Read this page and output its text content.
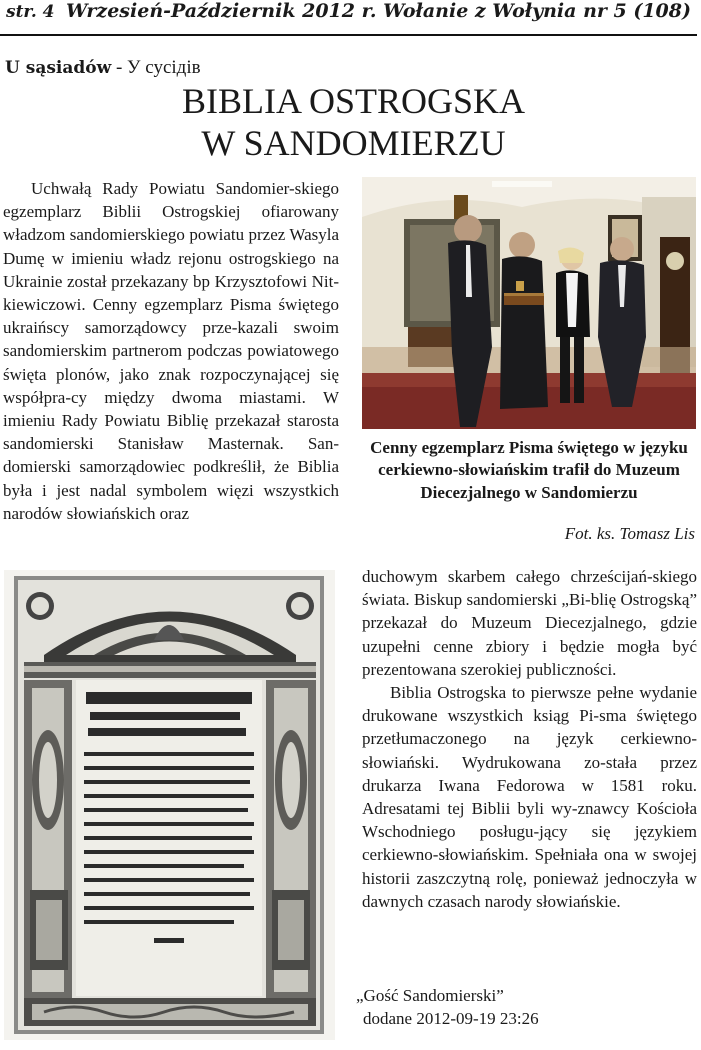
str. 4 Wrzesień-Październik 2012 r. Wołanie z Wołynia nr 5 (108)
U sąsiadów - У сусідів
BIBLIA OSTROGSKA
W SANDOMIERZU

Uchwałą Rady Powiatu Sandomier-skiego egzemplarz Biblii Ostrogskiej ofiarowany władzom sandomierskiego powiatu przez Wasyla Dumę w imieniu władz rejonu ostrogskiego na Ukrainie został przekazany bp Krzysztofowi Nit-kiewiczowi. Cenny egzemplarz Pisma świętego ukraińscy samorządowcy prze-kazali swoim sandomierskim partnerom podczas powiatowego święta plonów, jako znak rozpoczynającej się współpra-cy między dwoma miastami. W imieniu Rady Powiatu Biblię przekazał starosta sandomierski Stanisław Masternak. San-domierski samorządowiec podkreślił, że Biblia była i jest nadal symbolem więzi wszystkich narodów słowiańskich oraz

Cenny egzemplarz Pisma świętego w języku cerkiewno-słowiańskim trafił do Muzeum Diecezjalnego w Sandomierzu
Fot. ks. Tomasz Lis

duchowym skarbem całego chrześcijań-skiego świata. Biskup sandomierski „Bi-blię Ostrogską” przekazał do Muzeum Diecezjalnego, gdzie uzupełni cenne zbiory i będzie mogła być prezentowana szerokiej publiczności.

Biblia Ostrogska to pierwsze pełne wydanie drukowane wszystkich ksiąg Pi-sma świętego przetłumaczonego na język cerkiewno-słowiański. Wydrukowana zo-stała przez drukarza Iwana Fedorowa w 1581 roku. Adresatami tej Biblii byli wy-znawcy Kościoła Wschodniego posługu-jący się językiem cerkiewno-słowiańskim. Spełniała ona w swojej historii zaszczytną rolę, ponieważ jednoczyła w dawnych czasach narody słowiańskie.

„Gość Sandomierski”
dodane 2012-09-19 23:26
